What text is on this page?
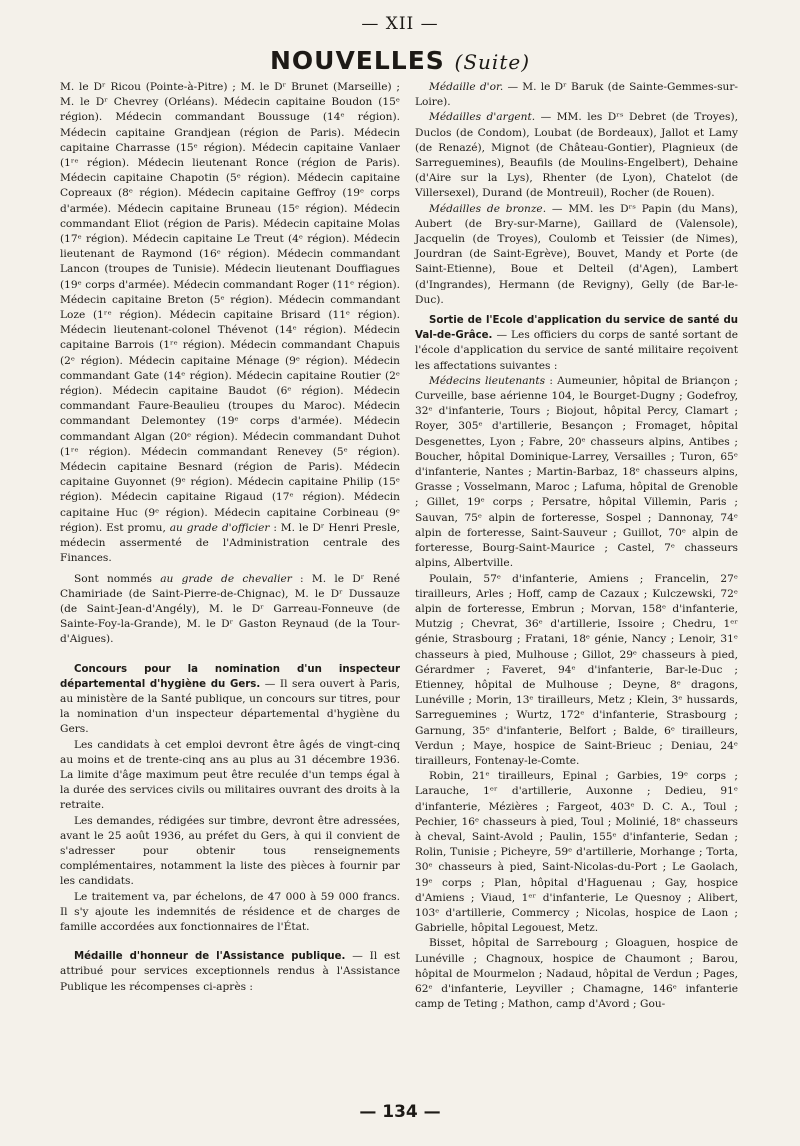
— XII —
NOUVELLES (Suite)

M. le Dʳ Ricou (Pointe-à-Pitre) ; M. le Dʳ Brunet (Marseille) ; M. le Dʳ Chevrey (Orléans). Médecin capitaine Boudon (15ᵉ région). Médecin commandant Boussuge (14ᵉ région). Médecin capitaine Grandjean (région de Paris). Médecin capitaine Charrasse (15ᵉ région). Médecin capitaine Vanlaer (1ʳᵉ région). Médecin lieutenant Ronce (région de Paris). Médecin capitaine Chapotin (5ᵉ région). Médecin capitaine Copreaux (8ᵉ région). Médecin capitaine Geffroy (19ᵉ corps d'armée). Médecin capitaine Bruneau (15ᵉ région). Médecin commandant Eliot (région de Paris). Médecin capitaine Molas (17ᵉ région). Médecin capitaine Le Treut (4ᵉ région). Médecin lieutenant de Raymond (16ᵉ région). Médecin commandant Lancon (troupes de Tunisie). Médecin lieutenant Douffiagues (19ᵉ corps d'armée). Médecin commandant Roger (11ᵉ région). Médecin capitaine Breton (5ᵉ région). Médecin commandant Loze (1ʳᵉ région). Médecin capitaine Brisard (11ᵉ région). Médecin lieutenant-colonel Thévenot (14ᵉ région). Médecin capitaine Barrois (1ʳᵉ région). Médecin commandant Chapuis (2ᵉ région). Médecin capitaine Ménage (9ᵉ région). Médecin commandant Gate (14ᵉ région). Médecin capitaine Routier (2ᵉ région). Médecin capitaine Baudot (6ᵉ région). Médecin commandant Faure-Beaulieu (troupes du Maroc). Médecin commandant Delemontey (19ᵉ corps d'armée). Médecin commandant Algan (20ᵉ région). Médecin commandant Duhot (1ʳᵉ région). Médecin commandant Renevey (5ᵉ région). Médecin capitaine Besnard (région de Paris). Médecin capitaine Guyonnet (9ᵉ région). Médecin capitaine Philip (15ᵉ région). Médecin capitaine Rigaud (17ᵉ région). Médecin capitaine Huc (9ᵉ région). Médecin capitaine Corbineau (9ᵉ région). Est promu, au grade d'officier : M. le Dʳ Henri Presle, médecin assermenté de l'Administration centrale des Finances.

Sont nommés au grade de chevalier : M. le Dʳ René Chamiriade (de Saint-Pierre-de-Chignac), M. le Dʳ Dussauze (de Saint-Jean-d'Angély), M. le Dʳ Garreau-Fonneuve (de Sainte-Foy-la-Grande), M. le Dʳ Gaston Reynaud (de la Tour-d'Aigues).

Concours pour la nomination d'un inspecteur départemental d'hygiène du Gers. — Il sera ouvert à Paris, au ministère de la Santé publique, un concours sur titres, pour la nomination d'un inspecteur départemental d'hygiène du Gers.

Les candidats à cet emploi devront être âgés de vingt-cinq au moins et de trente-cinq ans au plus au 31 décembre 1936. La limite d'âge maximum peut être reculée d'un temps égal à la durée des services civils ou militaires ouvrant des droits à la retraite.

Les demandes, rédigées sur timbre, devront être adressées, avant le 25 août 1936, au préfet du Gers, à qui il convient de s'adresser pour obtenir tous renseignements complémentaires, notamment la liste des pièces à fournir par les candidats.

Le traitement va, par échelons, de 47 000 à 59 000 francs. Il s'y ajoute les indemnités de résidence et de charges de famille accordées aux fonctionnaires de l'État.

Médaille d'honneur de l'Assistance publique. — Il est attribué pour services exceptionnels rendus à l'Assistance Publique les récompenses ci-après :

Médaille d'or. — M. le Dʳ Baruk (de Sainte-Gemmes-sur-Loire).

Médailles d'argent. — MM. les Dʳˢ Debret (de Troyes), Duclos (de Condom), Loubat (de Bordeaux), Jallot et Lamy (de Renazé), Mignot (de Château-Gontier), Plagnieux (de Sarreguemines), Beaufils (de Moulins-Engelbert), Dehaine (d'Aire sur la Lys), Rhenter (de Lyon), Chatelot (de Villersexel), Durand (de Montreuil), Rocher (de Rouen).

Médailles de bronze. — MM. les Dʳˢ Papin (du Mans), Aubert (de Bry-sur-Marne), Gaillard de (Valensole), Jacquelin (de Troyes), Coulomb et Teissier (de Nimes), Jourdran (de Saint-Egrève), Bouvet, Mandy et Porte (de Saint-Etienne), Boue et Delteil (d'Agen), Lambert (d'Ingrandes), Hermann (de Revigny), Gelly (de Bar-le-Duc).

Sortie de l'Ecole d'application du service de santé du Val-de-Grâce. — Les officiers du corps de santé sortant de l'école d'application du service de santé militaire reçoivent les affectations suivantes :

Médecins lieutenants : Aumeunier, hôpital de Briançon ; Curveille, base aérienne 104, le Bourget-Dugny ; Godefroy, 32ᵉ d'infanterie, Tours ; Biojout, hôpital Percy, Clamart ; Royer, 305ᵉ d'artillerie, Besançon ; Fromaget, hôpital Desgenettes, Lyon ; Fabre, 20ᵉ chasseurs alpins, Antibes ; Boucher, hôpital Dominique-Larrey, Versailles ; Turon, 65ᵉ d'infanterie, Nantes ; Martin-Barbaz, 18ᵉ chasseurs alpins, Grasse ; Vosselmann, Maroc ; Lafuma, hôpital de Grenoble ; Gillet, 19ᵉ corps ; Persatre, hôpital Villemin, Paris ; Sauvan, 75ᵉ alpin de forteresse, Sospel ; Dannonay, 74ᵉ alpin de forteresse, Saint-Sauveur ; Guillot, 70ᵉ alpin de forteresse, Bourg-Saint-Maurice ; Castel, 7ᵉ chasseurs alpins, Albertville.

Poulain, 57ᵉ d'infanterie, Amiens ; Francelin, 27ᵉ tirailleurs, Arles ; Hoff, camp de Cazaux ; Kulczewski, 72ᵉ alpin de forteresse, Embrun ; Morvan, 158ᵉ d'infanterie, Mutzig ; Chevrat, 36ᵉ d'artillerie, Issoire ; Chedru, 1ᵉʳ génie, Strasbourg ; Fratani, 18ᵉ génie, Nancy ; Lenoir, 31ᵉ chasseurs à pied, Mulhouse ; Gillot, 29ᵉ chasseurs à pied, Gérardmer ; Faveret, 94ᵉ d'infanterie, Bar-le-Duc ; Etienney, hôpital de Mulhouse ; Deyne, 8ᵉ dragons, Lunéville ; Morin, 13ᵉ tirailleurs, Metz ; Klein, 3ᵉ hussards, Sarreguemines ; Wurtz, 172ᵉ d'infanterie, Strasbourg ; Garnung, 35ᵉ d'infanterie, Belfort ; Balde, 6ᵉ tirailleurs, Verdun ; Maye, hospice de Saint-Brieuc ; Deniau, 24ᵉ tirailleurs, Fontenay-le-Comte.

Robin, 21ᵉ tirailleurs, Epinal ; Garbies, 19ᵉ corps ; Larauche, 1ᵉʳ d'artillerie, Auxonne ; Dedieu, 91ᵉ d'infanterie, Mézières ; Fargeot, 403ᵉ D. C. A., Toul ; Pechier, 16ᵉ chasseurs à pied, Toul ; Molinié, 18ᵉ chasseurs à cheval, Saint-Avold ; Paulin, 155ᵉ d'infanterie, Sedan ; Rolin, Tunisie ; Picheyre, 59ᵉ d'artillerie, Morhange ; Torta, 30ᵉ chasseurs à pied, Saint-Nicolas-du-Port ; Le Gaolach, 19ᵉ corps ; Plan, hôpital d'Haguenau ; Gay, hospice d'Amiens ; Viaud, 1ᵉʳ d'infanterie, Le Quesnoy ; Alibert, 103ᵉ d'artillerie, Commercy ; Nicolas, hospice de Laon ; Gabrielle, hôpital Legouest, Metz.

Bisset, hôpital de Sarrebourg ; Gloaguen, hospice de Lunéville ; Chagnoux, hospice de Chaumont ; Barou, hôpital de Mourmelon ; Nadaud, hôpital de Verdun ; Pages, 62ᵉ d'infanterie, Leyviller ; Chamagne, 146ᵉ infanterie camp de Teting ; Mathon, camp d'Avord ; Gou-

— 134 —
